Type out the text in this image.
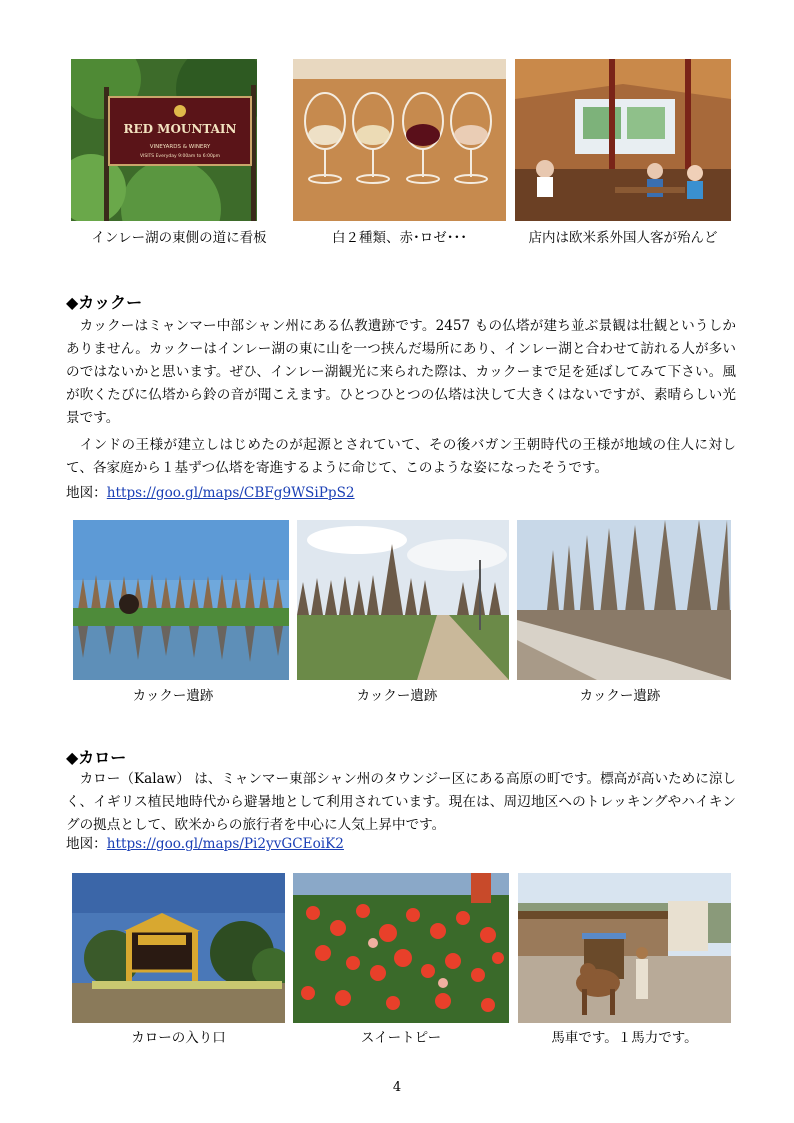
RED MOUNTAIN
VINEYARDS & WINERY
VISITS Everyday 9:00am to 6:00pm
インレー湖の東側の道に看板	白２種類、赤･ロゼ･･･	店内は欧米系外国人客が殆んど
◆カックー
カックーはミャンマー中部シャン州にある仏教遺跡です。2457 もの仏塔が建ち並ぶ景観は壮観というしかありません。カックーはインレー湖の東に山を一つ挟んだ場所にあり、インレー湖と合わせて訪れる人が多いのではないかと思います。ぜひ、インレー湖観光に来られた際は、カックーまで足を延ばしてみて下さい。風が吹くたびに仏塔から鈴の音が聞こえます。ひとつひとつの仏塔は決して大きくはないですが、素晴らしい光景です。
インドの王様が建立しはじめたのが起源とされていて、その後バガン王朝時代の王様が地域の住人に対して、各家庭から１基ずつ仏塔を寄進するように命じて、このような姿になったそうです。
地図：https://goo.gl/maps/CBFg9WSiPpS2
カックー遺跡	カックー遺跡	カックー遺跡
◆カロー
カロー（Kalaw） は、ミャンマー東部シャン州のタウンジー区にある高原の町です。標高が高いために涼しく、イギリス植民地時代から避暑地として利用されています。現在は、周辺地区へのトレッキングやハイキングの拠点として、欧米からの旅行者を中心に人気上昇中です。
地図：https://goo.gl/maps/Pi2yvGCEoiK2
カローの入り口	スイートピー	馬車です。１馬力です。
4
